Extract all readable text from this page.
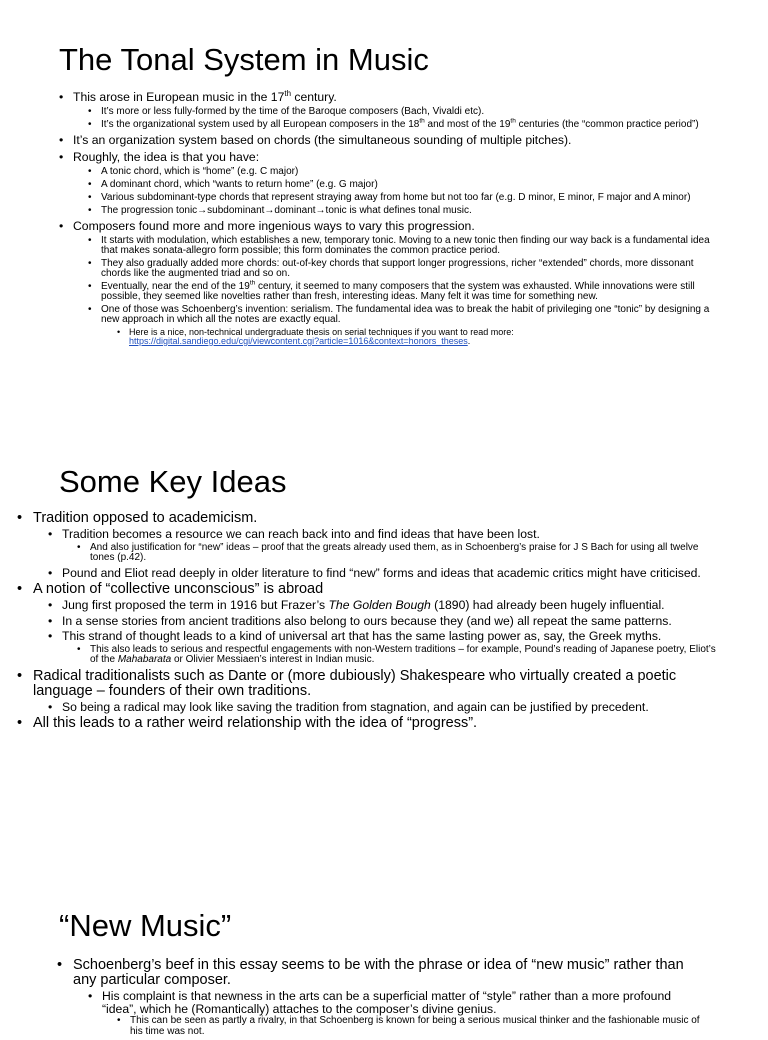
The Tonal System in Music
• This arose in European music in the 17th century.
• It’s more or less fully-formed by the time of the Baroque composers (Bach, Vivaldi etc).
• It’s the organizational system used by all European composers in the 18th and most of the 19th centuries (the “common practice period”)
• It’s an organization system based on chords (the simultaneous sounding of multiple pitches).
• Roughly, the idea is that you have:
• A tonic chord, which is “home” (e.g. C major)
• A dominant chord, which “wants to return home” (e.g. G major)
• Various subdominant-type chords that represent straying away from home but not too far (e.g. D minor, E minor, F major and A minor)
• The progression tonic→subdominant→dominant→tonic is what defines tonal music.
• Composers found more and more ingenious ways to vary this progression.
• It starts with modulation, which establishes a new, temporary tonic. Moving to a new tonic then finding our way back is a fundamental idea that makes sonata-allegro form possible; this form dominates the common practice period.
• They also gradually added more chords: out-of-key chords that support longer progressions, richer “extended” chords, more dissonant chords like the augmented triad and so on.
• Eventually, near the end of the 19th century, it seemed to many composers that the system was exhausted. While innovations were still possible, they seemed like novelties rather than fresh, interesting ideas. Many felt it was time for something new.
• One of those was Schoenberg’s invention: serialism. The fundamental idea was to break the habit of privileging one “tonic” by designing a new approach in which all the notes are exactly equal.
• Here is a nice, non-technical undergraduate thesis on serial techniques if you want to read more:
https://digital.sandiego.edu/cgi/viewcontent.cgi?article=1016&context=honors_theses.
Some Key Ideas
• Tradition opposed to academicism.
• Tradition becomes a resource we can reach back into and find ideas that have been lost.
• And also justification for “new” ideas – proof that the greats already used them, as in Schoenberg’s praise for J S Bach for using all twelve tones (p.42).
• Pound and Eliot read deeply in older literature to find “new” forms and ideas that academic critics might have criticised.
• A notion of “collective unconscious” is abroad
• Jung first proposed the term in 1916 but Frazer’s The Golden Bough (1890) had already been hugely influential.
• In a sense stories from ancient traditions also belong to ours because they (and we) all repeat the same patterns.
• This strand of thought leads to a kind of universal art that has the same lasting power as, say, the Greek myths.
• This also leads to serious and respectful engagements with non-Western traditions – for example, Pound’s reading of Japanese poetry, Eliot’s of the Mahabarata or Olivier Messiaen’s interest in Indian music.
• Radical traditionalists such as Dante or (more dubiously) Shakespeare who virtually created a poetic language – founders of their own traditions.
• So being a radical may look like saving the tradition from stagnation, and again can be justified by precedent.
• All this leads to a rather weird relationship with the idea of “progress”.
“New Music”
• Schoenberg’s beef in this essay seems to be with the phrase or idea of “new music” rather than any particular composer.
• His complaint is that newness in the arts can be a superficial matter of “style” rather than a more profound “idea”, which he (Romantically) attaches to the composer’s divine genius.
• This can be seen as partly a rivalry, in that Schoenberg is known for being a serious musical thinker and the fashionable music of his time was not.
